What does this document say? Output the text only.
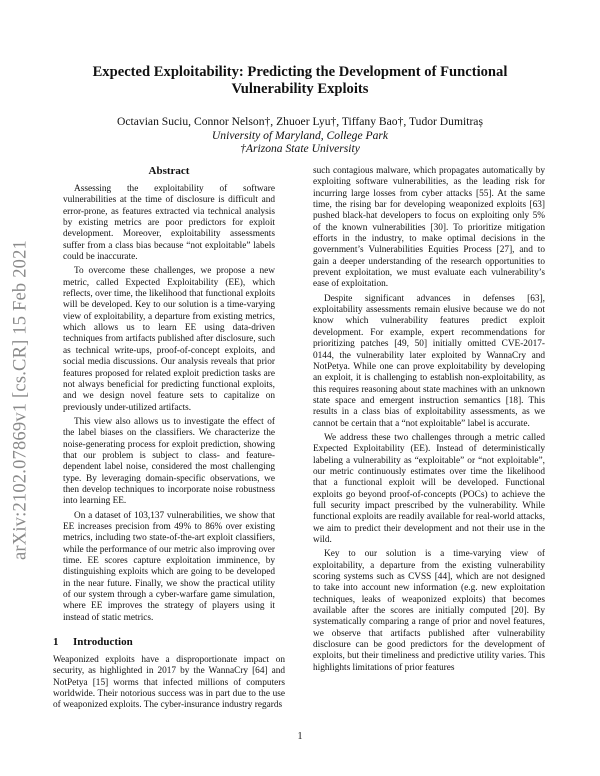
arXiv:2102.07869v1 [cs.CR] 15 Feb 2021
Expected Exploitability: Predicting the Development of Functional Vulnerability Exploits
Octavian Suciu, Connor Nelson†, Zhuoer Lyu†, Tiffany Bao†, Tudor Dumitraș

University of Maryland, College Park
†Arizona State University
Abstract

Assessing the exploitability of software vulnerabilities at the time of disclosure is difficult and error-prone, as features extracted via technical analysis by existing metrics are poor predictors for exploit development. Moreover, exploitability assessments suffer from a class bias because “not exploitable” labels could be inaccurate.

To overcome these challenges, we propose a new metric, called Expected Exploitability (EE), which reflects, over time, the likelihood that functional exploits will be developed. Key to our solution is a time-varying view of exploitability, a departure from existing metrics, which allows us to learn EE using data-driven techniques from artifacts published after disclosure, such as technical write-ups, proof-of-concept exploits, and social media discussions. Our analysis reveals that prior features proposed for related exploit prediction tasks are not always beneficial for predicting functional exploits, and we design novel feature sets to capitalize on previously under-utilized artifacts.

This view also allows us to investigate the effect of the label biases on the classifiers. We characterize the noise-generating process for exploit prediction, showing that our problem is subject to class- and feature-dependent label noise, considered the most challenging type. By leveraging domain-specific observations, we then develop techniques to incorporate noise robustness into learning EE.

On a dataset of 103,137 vulnerabilities, we show that EE increases precision from 49% to 86% over existing metrics, including two state-of-the-art exploit classifiers, while the performance of our metric also improving over time. EE scores capture exploitation imminence, by distinguishing exploits which are going to be developed in the near future. Finally, we show the practical utility of our system through a cyber-warfare game simulation, where EE improves the strategy of players using it instead of static metrics.

1 Introduction

Weaponized exploits have a disproportionate impact on security, as highlighted in 2017 by the WannaCry [64] and NotPetya [15] worms that infected millions of computers worldwide. Their notorious success was in part due to the use of weaponized exploits. The cyber-insurance industry regards

such contagious malware, which propagates automatically by exploiting software vulnerabilities, as the leading risk for incurring large losses from cyber attacks [55]. At the same time, the rising bar for developing weaponized exploits [63] pushed black-hat developers to focus on exploiting only 5% of the known vulnerabilities [30]. To prioritize mitigation efforts in the industry, to make optimal decisions in the government’s Vulnerabilities Equities Process [27], and to gain a deeper understanding of the research opportunities to prevent exploitation, we must evaluate each vulnerability’s ease of exploitation.

Despite significant advances in defenses [63], exploitability assessments remain elusive because we do not know which vulnerability features predict exploit development. For example, expert recommendations for prioritizing patches [49, 50] initially omitted CVE-2017-0144, the vulnerability later exploited by WannaCry and NotPetya. While one can prove exploitability by developing an exploit, it is challenging to establish non-exploitability, as this requires reasoning about state machines with an unknown state space and emergent instruction semantics [18]. This results in a class bias of exploitability assessments, as we cannot be certain that a “not exploitable” label is accurate.

We address these two challenges through a metric called Expected Exploitability (EE). Instead of deterministically labeling a vulnerability as “exploitable” or “not exploitable”, our metric continuously estimates over time the likelihood that a functional exploit will be developed. Functional exploits go beyond proof-of-concepts (POCs) to achieve the full security impact prescribed by the vulnerability. While functional exploits are readily available for real-world attacks, we aim to predict their development and not their use in the wild.

Key to our solution is a time-varying view of exploitability, a departure from the existing vulnerability scoring systems such as CVSS [44], which are not designed to take into account new information (e.g. new exploitation techniques, leaks of weaponized exploits) that becomes available after the scores are initially computed [20]. By systematically comparing a range of prior and novel features, we observe that artifacts published after vulnerability disclosure can be good predictors for the development of exploits, but their timeliness and predictive utility varies. This highlights limitations of prior features

1
